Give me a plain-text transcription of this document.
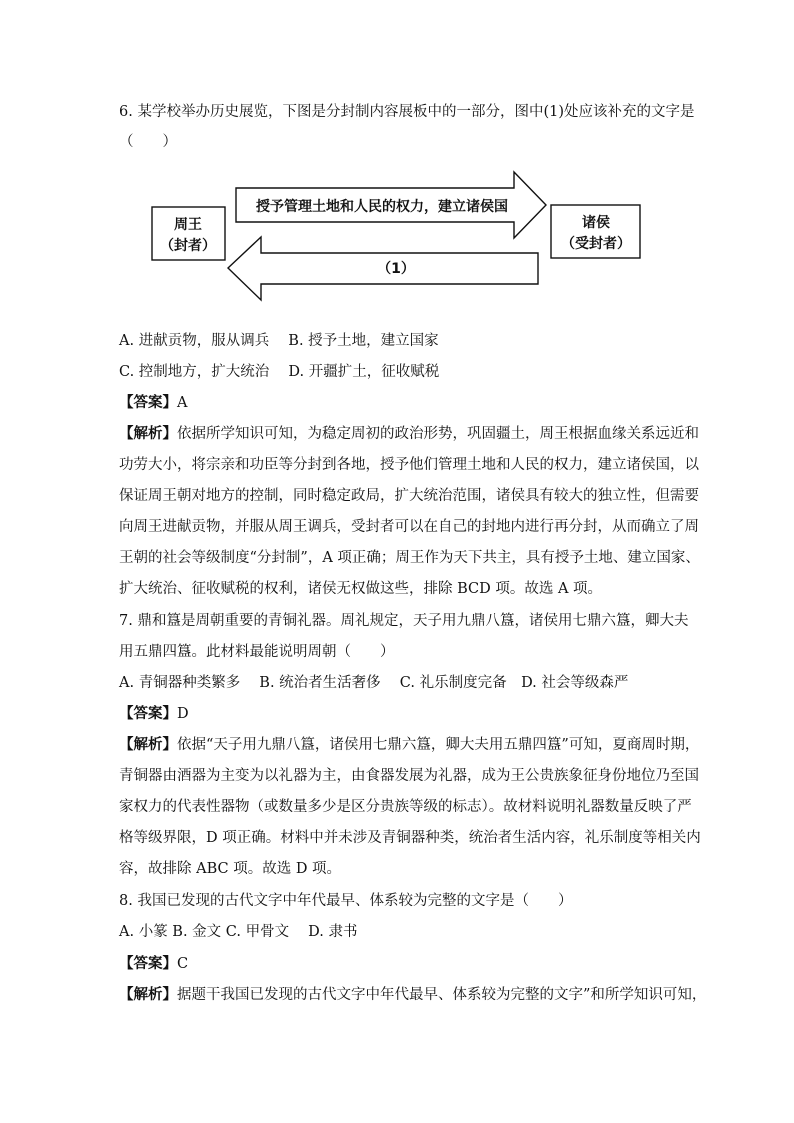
6. 某学校举办历史展览，下图是分封制内容展板中的一部分，图中(1)处应该补充的文字是
（　　）
周王
（封者）
诸侯
（受封者）
授予管理土地和人民的权力，建立诸侯国
（1）
A. 进献贡物，服从调兵　 B. 授予土地，建立国家
C. 控制地方，扩大统治　 D. 开疆扩土，征收赋税
【答案】A
【解析】依据所学知识可知，为稳定周初的政治形势，巩固疆土，周王根据血缘关系远近和
功劳大小，将宗亲和功臣等分封到各地，授予他们管理土地和人民的权力，建立诸侯国，以
保证周王朝对地方的控制，同时稳定政局，扩大统治范围，诸侯具有较大的独立性，但需要
向周王进献贡物，并服从周王调兵，受封者可以在自己的封地内进行再分封，从而确立了周
王朝的社会等级制度“分封制”，A 项正确；周王作为天下共主，具有授予土地、建立国家、
扩大统治、征收赋税的权利，诸侯无权做这些，排除 BCD 项。故选 A 项。
7. 鼎和簋是周朝重要的青铜礼器。周礼规定，天子用九鼎八簋，诸侯用七鼎六簋，卿大夫
用五鼎四簋。此材料最能说明周朝（　　）
A. 青铜器种类繁多　 B. 统治者生活奢侈　 C. 礼乐制度完备　D. 社会等级森严
【答案】D
【解析】依据“天子用九鼎八簋，诸侯用七鼎六簋，卿大夫用五鼎四簋”可知，夏商周时期，
青铜器由酒器为主变为以礼器为主，由食器发展为礼器，成为王公贵族象征身份地位乃至国
家权力的代表性器物（或数量多少是区分贵族等级的标志）。故材料说明礼器数量反映了严
格等级界限，D 项正确。材料中并未涉及青铜器种类，统治者生活内容，礼乐制度等相关内
容，故排除 ABC 项。故选 D 项。
8. 我国已发现的古代文字中年代最早、体系较为完整的文字是（　　）
A. 小篆 B. 金文 C. 甲骨文　 D. 隶书
【答案】C
【解析】据题干我国已发现的古代文字中年代最早、体系较为完整的文字”和所学知识可知，
